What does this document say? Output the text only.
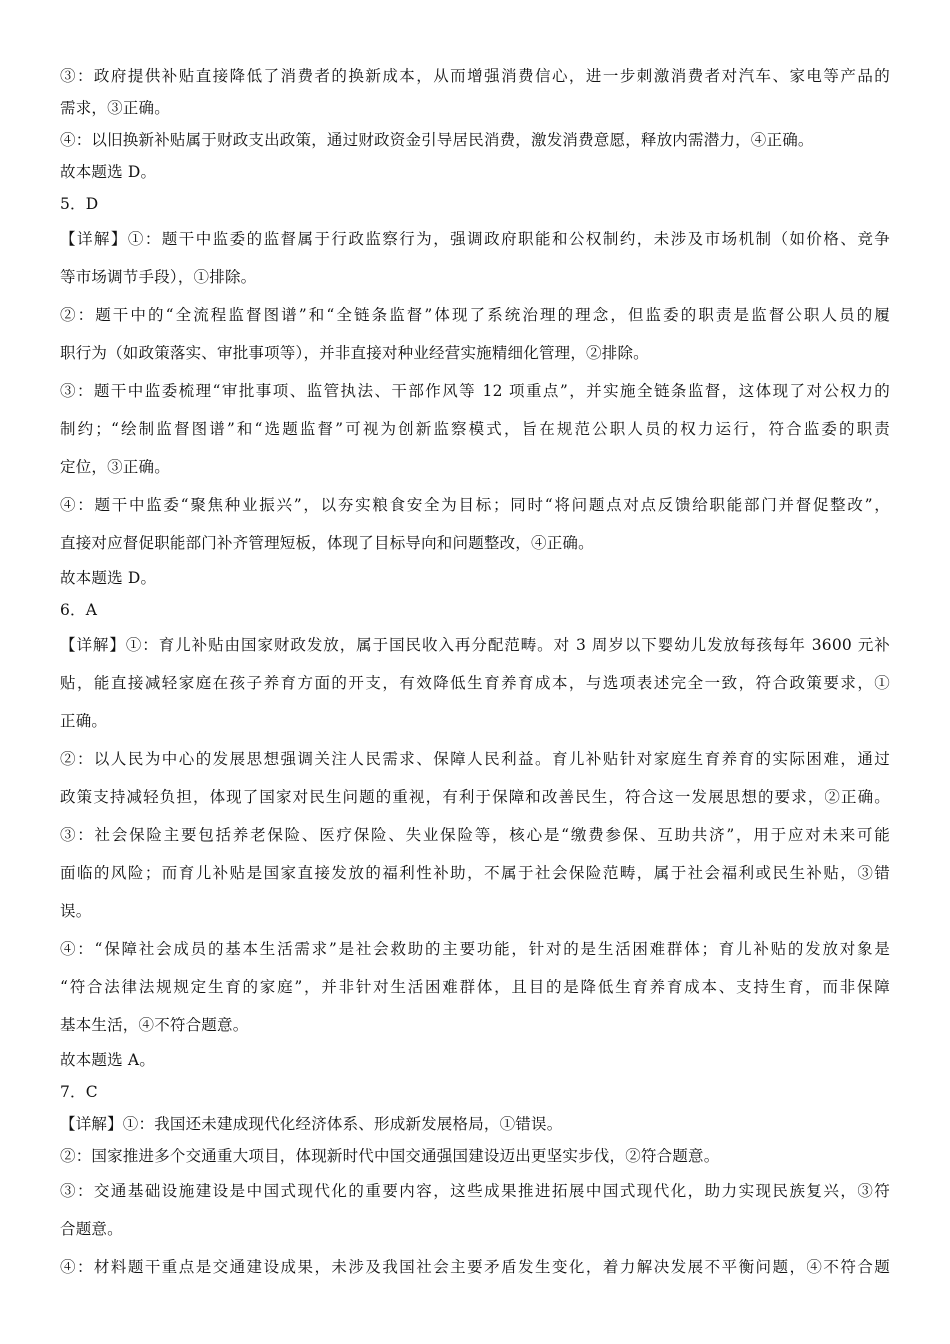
③：政府提供补贴直接降低了消费者的换新成本，从而增强消费信心，进一步刺激消费者对汽车、家电等产品的
需求，③正确。
④：以旧换新补贴属于财政支出政策，通过财政资金引导居民消费，激发消费意愿，释放内需潜力，④正确。
故本题选 D。
5．D
【详解】①：题干中监委的监督属于行政监察行为，强调政府职能和公权制约，未涉及市场机制（如价格、竞争
等市场调节手段），①排除。
②：题干中的“全流程监督图谱”和“全链条监督”体现了系统治理的理念，但监委的职责是监督公职人员的履
职行为（如政策落实、审批事项等），并非直接对种业经营实施精细化管理，②排除。
③：题干中监委梳理“审批事项、监管执法、干部作风等 12 项重点”，并实施全链条监督，这体现了对公权力的
制约；“绘制监督图谱”和“选题监督”可视为创新监察模式，旨在规范公职人员的权力运行，符合监委的职责
定位，③正确。
④：题干中监委“聚焦种业振兴”，以夯实粮食安全为目标；同时“将问题点对点反馈给职能部门并督促整改”，
直接对应督促职能部门补齐管理短板，体现了目标导向和问题整改，④正确。
故本题选 D。
6．A
【详解】①：育儿补贴由国家财政发放，属于国民收入再分配范畴。对 3 周岁以下婴幼儿发放每孩每年 3600 元补
贴，能直接减轻家庭在孩子养育方面的开支，有效降低生育养育成本，与选项表述完全一致，符合政策要求，①
正确。
②：以人民为中心的发展思想强调关注人民需求、保障人民利益。育儿补贴针对家庭生育养育的实际困难，通过
政策支持减轻负担，体现了国家对民生问题的重视，有利于保障和改善民生，符合这一发展思想的要求，②正确。
③：社会保险主要包括养老保险、医疗保险、失业保险等，核心是“缴费参保、互助共济”，用于应对未来可能
面临的风险；而育儿补贴是国家直接发放的福利性补助，不属于社会保险范畴，属于社会福利或民生补贴，③错
误。
④：“保障社会成员的基本生活需求”是社会救助的主要功能，针对的是生活困难群体；育儿补贴的发放对象是
“符合法律法规规定生育的家庭”，并非针对生活困难群体，且目的是降低生育养育成本、支持生育，而非保障
基本生活，④不符合题意。
故本题选 A。
7．C
【详解】①：我国还未建成现代化经济体系、形成新发展格局，①错误。
②：国家推进多个交通重大项目，体现新时代中国交通强国建设迈出更坚实步伐，②符合题意。
③：交通基础设施建设是中国式现代化的重要内容，这些成果推进拓展中国式现代化，助力实现民族复兴，③符
合题意。
④：材料题干重点是交通建设成果，未涉及我国社会主要矛盾发生变化，着力解决发展不平衡问题，④不符合题
